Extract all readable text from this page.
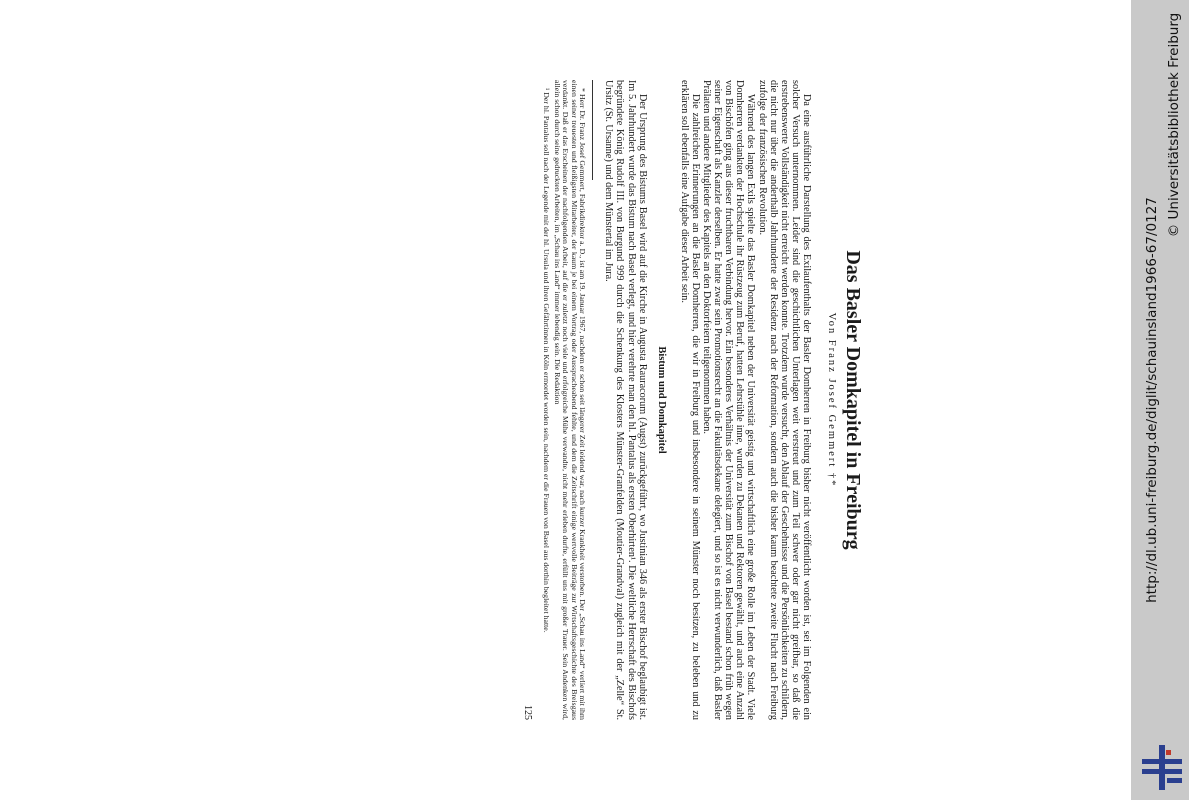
Das Basler Domkapitel in Freiburg
Von Franz Josef Gemmert †*

Da eine ausführliche Darstellung des Exilaufenthalts der Basler Domherren in Freiburg bisher nicht veröffentlicht worden ist, sei im Folgenden ein solcher Versuch unternommen. Leider sind die geschichtlichen Unterlagen weit verstreut und zum Teil schwer oder gar nicht greifbar, so daß die erstrebenswerte Vollständigkeit nicht erreicht werden konnte. Trotzdem wurde versucht, den Ablauf der Geschehnisse und die Persönlichkeiten zu schildern, die nicht nur über die anderthalb Jahrhunderte der Residenz nach der Reformation, sondern auch die bisher kaum beachtete zweite Flucht nach Freiburg zufolge der französischen Revolution.

Während des langen Exils spielte das Basler Domkapitel neben der Universität geistig und wirtschaftlich eine große Rolle im Leben der Stadt. Viele Domherren verdankten der Hochschule ihr Rüstzeug zum Beruf, hatten Lehrstühle inne, wurden zu Dekanen und Rektoren gewählt, und auch eine Anzahl von Bischöfen ging aus dieser fruchtbaren Verbindung hervor. Ein besonderes Verhältnis der Universität zum Bischof von Basel bestand schon früh wegen seiner Eigenschaft als Kanzler derselben. Er hatte zwar sein Promotionsrecht an die Fakultätsdekane delegiert, und so ist es nicht verwunderlich, daß Basler Prälaten und andere Mitglieder des Kapitels an den Doktorfeiern teilgenommen haben.

Die zahlreichen Erinnerungen an die Basler Domherren, die wir in Freiburg und insbesondere in seinem Münster noch besitzen, zu beleben und zu erklären soll ebenfalls eine Aufgabe dieser Arbeit sein.

Bistum und Domkapitel

Der Ursprung des Bistums Basel wird auf die Kirche in Augusta Rauracorum (Augst) zurückgeführt, wo Justinian 346 als erster Bischof beglaubigt ist. Im 5. Jahrhundert wurde das Bistum nach Basel verlegt, und hier verehrte man den hl. Pantalus als ersten Oberhirten¹. Die weltliche Herrschaft des Bischofs begründete König Rudolf III. von Burgund 999 durch die Schenkung des Klosters Münster-Granfelden (Moutier-Grandval) zugleich mit der „Zelle“ St. Ursitz (St. Ursanne) und dem Münstertal im Jura.

* Herr Dr. Franz Josef Gemmert, Fabrikdirektor a. D., ist am 19. Januar 1967, nachdem er schon seit längerer Zeit leidend war, nach kurzer Krankheit verstorben. Der „Schau ins Land“ verliert mit ihm einen seiner treuesten und fleißigsten Mitarbeiter, der kaum je bei einem Vortrag oder Ausspracheabend fehlte, und dem die Zeitschrift einige wertvolle Beiträge zur Wirtschaftsgeschichte des Breisgaus verdankt. Daß er das Erscheinen der nachfolgenden Arbeit, auf die er zuletzt noch viele und erfolgreiche Mühe verwandte, nicht mehr erleben durfte, erfüllt uns mit großer Trauer. Sein Andenken wird, allein schon durch seine gedruckten Arbeiten, im „Schau ins Land“ immer lebendig sein. Die Redaktion

¹ Der hl. Pantalus soll nach der Legende mit der hl. Ursula und ihren Gefährtinnen in Köln ermordet worden sein, nachdem er die Frauen von Basel aus dorthin begleitet hatte.

125
http://dl.ub.uni-freiburg.de/diglit/schauinsland1966-67/0127
© Universitätsbibliothek Freiburg
